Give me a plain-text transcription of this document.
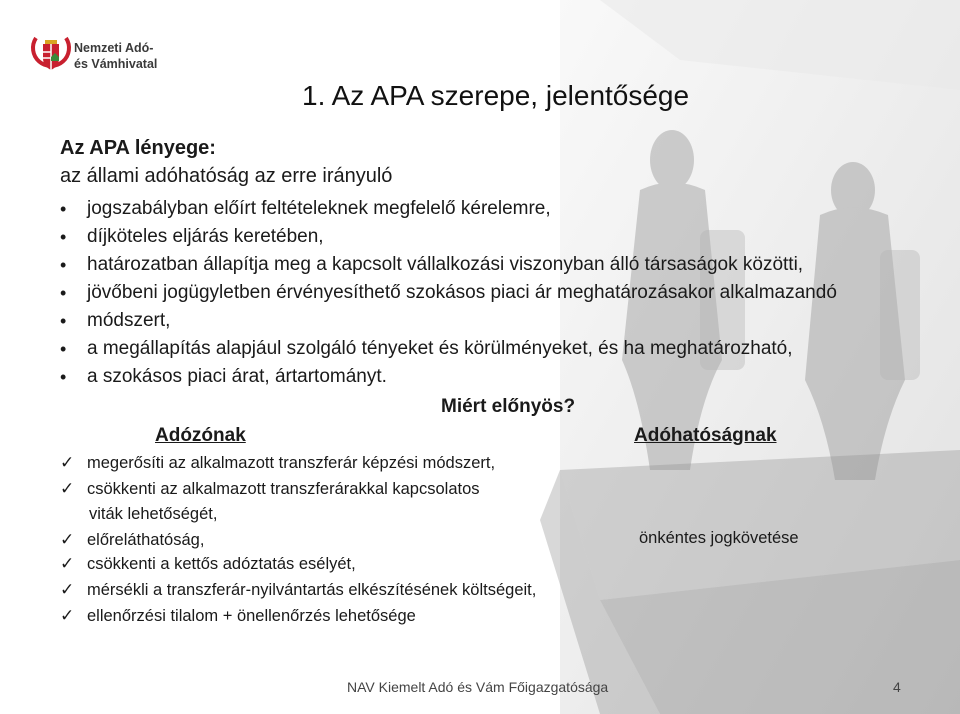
Nemzeti Adó-
és Vámhivatal
1. Az APA szerepe, jelentősége
Az APA lényege:
az állami adóhatóság az erre irányuló
•	jogszabályban előírt feltételeknek megfelelő kérelemre,
•	díjköteles eljárás keretében,
•	határozatban állapítja meg a kapcsolt vállalkozási viszonyban álló társaságok közötti,
•	jövőbeni jogügyletben érvényesíthető szokásos piaci ár meghatározásakor alkalmazandó
•	módszert,
•	a megállapítás alapjául szolgáló tényeket és körülményeket, és ha meghatározható,
•	a szokásos piaci árat, ártartományt.
Miért előnyös?
Adózónak	Adóhatóságnak
✓ megerősíti az alkalmazott transzferár képzési módszert,
✓ csökkenti az alkalmazott transzferárakkal kapcsolatos
viták lehetőségét,
✓ előreláthatóság,	önkéntes jogkövetése
✓ csökkenti a kettős adóztatás esélyét,
✓ mérsékli a transzferár-nyilvántartás elkészítésének költségeit,
✓ ellenőrzési tilalom + önellenőrzés lehetősége
NAV Kiemelt Adó és Vám Főigazgatósága	4
